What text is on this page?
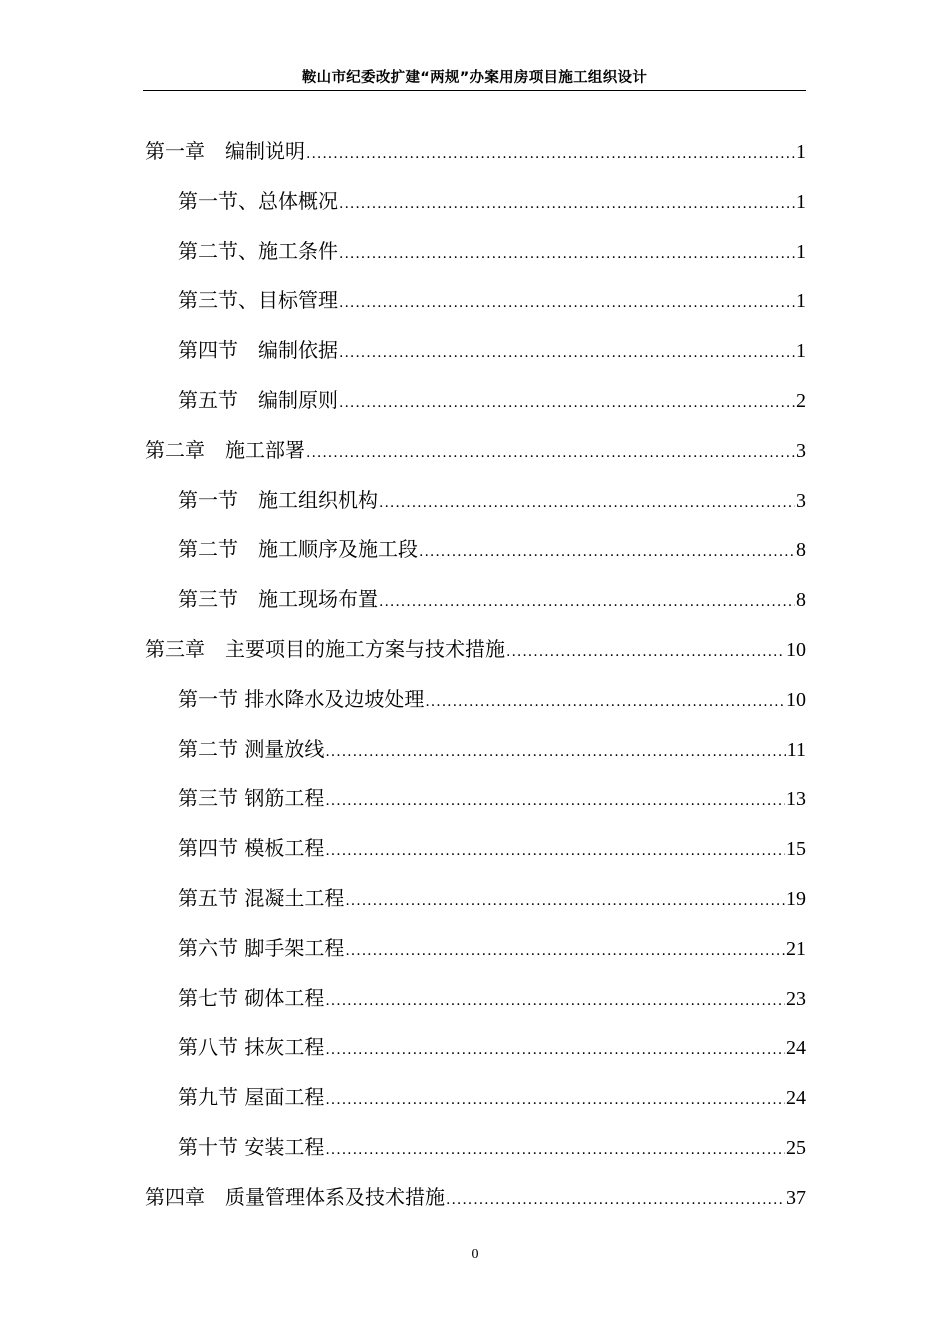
鞍山市纪委改扩建“两规”办案用房项目施工组织设计
第一章　编制说明 .....	1
第一节、总体概况 .....	1
第二节、施工条件 .....	1
第三节、目标管理 .....	1
第四节　编制依据 .....	1
第五节　编制原则 .....	2
第二章　施工部署 .....	3
第一节　施工组织机构 .....	3
第二节　施工顺序及施工段 .....	8
第三节　施工现场布置 .....	8
第三章　主要项目的施工方案与技术措施 .....	10
第一节 排水降水及边坡处理 .....	10
第二节 测量放线 .....	11
第三节 钢筋工程 .....	13
第四节 模板工程 .....	15
第五节 混凝土工程 .....	19
第六节 脚手架工程 .....	21
第七节 砌体工程 .....	23
第八节 抹灰工程 .....	24
第九节 屋面工程 .....	24
第十节 安装工程 .....	25
第四章　质量管理体系及技术措施 .....	37
0
